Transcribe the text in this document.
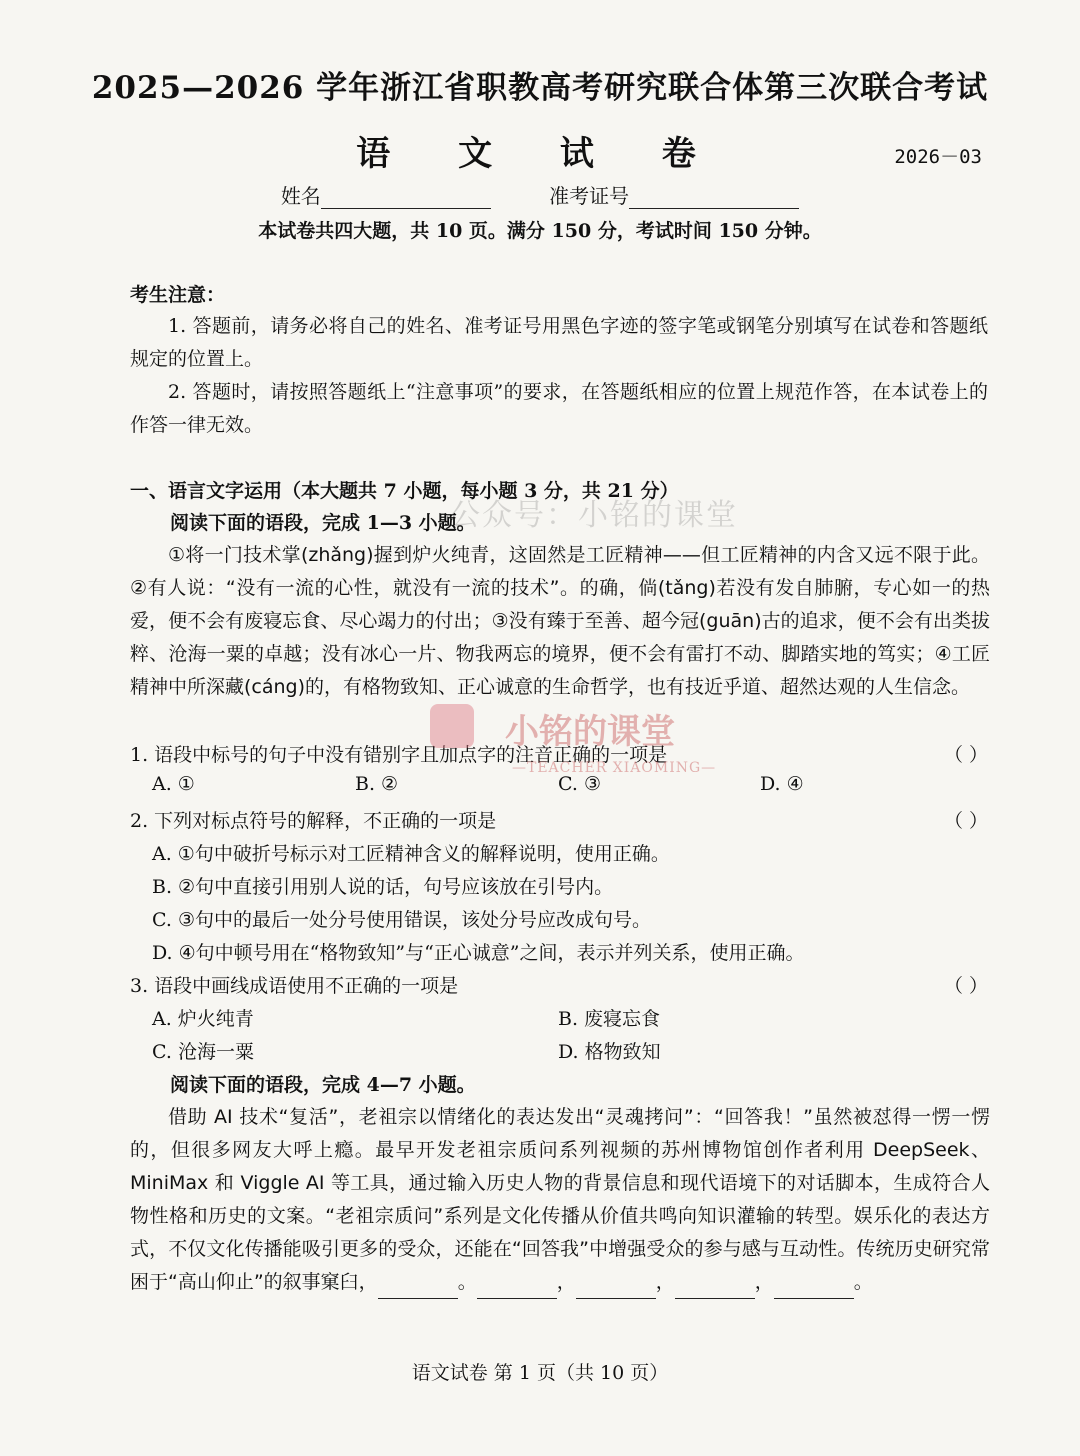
2025—2026 学年浙江省职教高考研究联合体第三次联合考试
语 文 试 卷	2026－03
姓名	准考证号
本试卷共四大题，共 10 页。满分 150 分，考试时间 150 分钟。
考生注意：
1. 答题前，请务必将自己的姓名、准考证号用黑色字迹的签字笔或钢笔分别填写在试卷和答题纸规定的位置上。
2. 答题时，请按照答题纸上“注意事项”的要求，在答题纸相应的位置上规范作答，在本试卷上的作答一律无效。
一、语言文字运用（本大题共 7 小题，每小题 3 分，共 21 分）
阅读下面的语段，完成 1—3 小题。
①将一门技术掌(zhǎng)握到炉火纯青，这固然是工匠精神——但工匠精神的内含又远不限于此。②有人说：“没有一流的心性，就没有一流的技术”。的确，倘(tǎng)若没有发自肺腑，专心如一的热爱，便不会有废寝忘食、尽心竭力的付出；③没有臻于至善、超今冠(guān)古的追求，便不会有出类拔粹、沧海一粟的卓越；没有冰心一片、物我两忘的境界，便不会有雷打不动、脚踏实地的笃实；④工匠精神中所深藏(cáng)的，有格物致知、正心诚意的生命哲学，也有技近乎道、超然达观的人生信念。
1. 语段中标号的句子中没有错别字且加点字的注音正确的一项是	（ ）
A. ①	B. ②	C. ③	D. ④
2. 下列对标点符号的解释，不正确的一项是	（ ）
A. ①句中破折号标示对工匠精神含义的解释说明，使用正确。
B. ②句中直接引用别人说的话，句号应该放在引号内。
C. ③句中的最后一处分号使用错误，该处分号应改成句号。
D. ④句中顿号用在“格物致知”与“正心诚意”之间，表示并列关系，使用正确。
3. 语段中画线成语使用不正确的一项是	（ ）
A. 炉火纯青	B. 废寝忘食
C. 沧海一粟	D. 格物致知
阅读下面的语段，完成 4—7 小题。
借助 AI 技术“复活”，老祖宗以情绪化的表达发出“灵魂拷问”：“回答我！”虽然被怼得一愣一愣的，但很多网友大呼上瘾。最早开发老祖宗质问系列视频的苏州博物馆创作者利用 DeepSeek、MiniMax 和 Viggle AI 等工具，通过输入历史人物的背景信息和现代语境下的对话脚本，生成符合人物性格和历史的文案。“老祖宗质问”系列是文化传播从价值共鸣向知识灌输的转型。娱乐化的表达方式，不仅文化传播能吸引更多的受众，还能在“回答我”中增强受众的参与感与互动性。传统历史研究常困于“高山仰止”的叙事窠臼，	。	，	，	，	。
公众号：小铭的课堂
小铭的课堂
—TEACHER XIAOMING—
语文试卷 第 1 页（共 10 页）
